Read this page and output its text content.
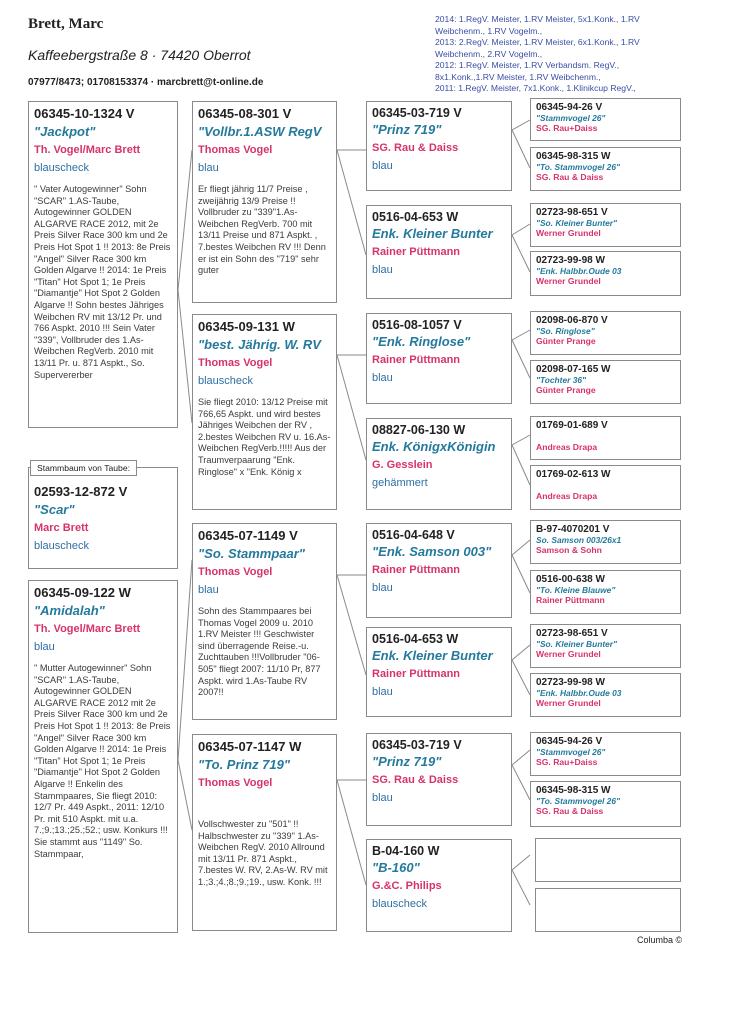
Brett, Marc
Kaffeebergstraße 8 · 74420 Oberrot
07977/8473; 01708153374 · marcbrett@t-online.de
2014: 1.RegV. Meister, 1.RV Meister, 5x1.Konk., 1.RV
Weibchenm., 1.RV Vogelm.,
2013: 2.RegV. Meister, 1.RV Meister, 6x1.Konk., 1.RV
Weibchenm., 2.RV Vogelm.,
2012: 1.RegV. Meister, 1.RV Verbandsm. RegV.,
8x1.Konk.,1.RV Meister, 1.RV Weibchenm.,
2011: 1.RegV. Meister, 7x1.Konk., 1.Klinikcup RegV.,
06345-10-1324 V
"Jackpot"
Th. Vogel/Marc Brett
blauscheck
" Vater Autogewinner" Sohn "SCAR" 1.AS-Taube, Autogewinner GOLDEN ALGARVE RACE 2012, mit 2e Preis Silver Race 300 km und 2e Preis Hot Spot 1 !! 2013: 8e Preis "Angel" Silver Race 300 km Golden Algarve !! 2014: 1e Preis "Titan" Hot Spot 1; 1e Preis "Diamantje" Hot Spot 2 Golden Algarve !! Sohn bestes Jähriges Weibchen RV mit 13/12 Pr. und 766 Aspkt. 2010 !!! Sein Vater "339", Vollbruder des 1.As-Weibchen RegVerb. 2010 mit 13/11 Pr. u. 871 Aspkt., So. Supervererber
Stammbaum von Taube:
02593-12-872 V
"Scar"
Marc Brett
blauscheck
06345-09-122 W
"Amidalah"
Th. Vogel/Marc Brett
blau
" Mutter Autogewinner" Sohn "SCAR" 1.AS-Taube, Autogewinner GOLDEN ALGARVE RACE 2012 mit 2e Preis Silver Race 300 km und 2e Preis Hot Spot 1 !! 2013: 8e Preis "Angel" Silver Race 300 km Golden Algarve !! 2014: 1e Preis "Titan" Hot Spot 1; 1e Preis "Diamantje" Hot Spot 2 Golden Algarve !! Enkelin des Stammpaares, Sie fliegt 2010: 12/7 Pr. 449 Aspkt., 2011: 12/10 Pr. mit 510 Aspkt. mit u.a. 7.;9.;13.;25.;52.; usw. Konkurs !!! Sie stammt aus "1149" So. Stammpaar,
06345-08-301 V
"Vollbr.1.ASW RegV
Thomas Vogel
blau
Er fliegt jährig 11/7 Preise , zweijährig 13/9 Preise !! Vollbruder zu "339"1.As-Weibchen RegVerb. 700 mit 13/11 Preise und 871 Aspkt. , 7.bestes Weibchen RV !!! Denn er ist ein Sohn des "719" sehr guter
06345-09-131 W
"best. Jährig. W. RV
Thomas Vogel
blauscheck
Sie fliegt 2010: 13/12 Preise mit 766,65 Aspkt. und wird bestes Jähriges Weibchen der RV , 2.bestes Weibchen RV u. 16.As-Weibchen RegVerb.!!!!! Aus der Traumverpaarung "Enk. Ringlose" x "Enk. König x
06345-07-1149 V
"So. Stammpaar"
Thomas Vogel
blau
Sohn des Stammpaares bei Thomas Vogel 2009 u. 2010 1.RV Meister !!! Geschwister sind überragende Reise.-u. Zuchttauben !!!Vollbruder "06-505" fliegt 2007: 11/10 Pr, 877 Aspkt. wird 1.As-Taube RV 2007!!
06345-07-1147 W
"To. Prinz 719"
Thomas Vogel
Vollschwester zu "501" !! Halbschwester zu "339" 1.As-Weibchen RegV. 2010 Allround mit 13/11 Pr. 871 Aspkt., 7.bestes W. RV, 2.As-W. RV mit 1.;3.;4.;8.;9.;19., usw. Konk. !!!
06345-03-719 V
"Prinz 719"
SG. Rau & Daiss
blau
0516-04-653 W
Enk. Kleiner Bunter
Rainer Püttmann
blau
0516-08-1057 V
"Enk. Ringlose"
Rainer Püttmann
blau
08827-06-130 W
Enk. KönigxKönigin
G. Gesslein
gehämmert
0516-04-648 V
"Enk. Samson 003"
Rainer Püttmann
blau
0516-04-653 W
Enk. Kleiner Bunter
Rainer Püttmann
blau
06345-03-719 V
"Prinz 719"
SG. Rau & Daiss
blau
B-04-160 W
"B-160"
G.&C. Philips
blauscheck
06345-94-26 V
"Stammvogel 26"
SG. Rau+Daiss
06345-98-315 W
"To. Stammvogel 26"
SG. Rau & Daiss
02723-98-651 V
"So. Kleiner Bunter"
Werner Grundel
02723-99-98 W
"Enk. Halbbr.Oude 03
Werner Grundel
02098-06-870 V
"So. Ringlose"
Günter Prange
02098-07-165 W
"Tochter 36"
Günter Prange
01769-01-689 V
Andreas Drapa
01769-02-613 W
Andreas Drapa
B-97-4070201 V
So. Samson 003/26x1
Samson & Sohn
0516-00-638 W
"To. Kleine Blauwe"
Rainer Püttmann
02723-98-651 V
"So. Kleiner Bunter"
Werner Grundel
02723-99-98 W
"Enk. Halbbr.Oude 03
Werner Grundel
06345-94-26 V
"Stammvogel 26"
SG. Rau+Daiss
06345-98-315 W
"To. Stammvogel 26"
SG. Rau & Daiss
Columba ©
